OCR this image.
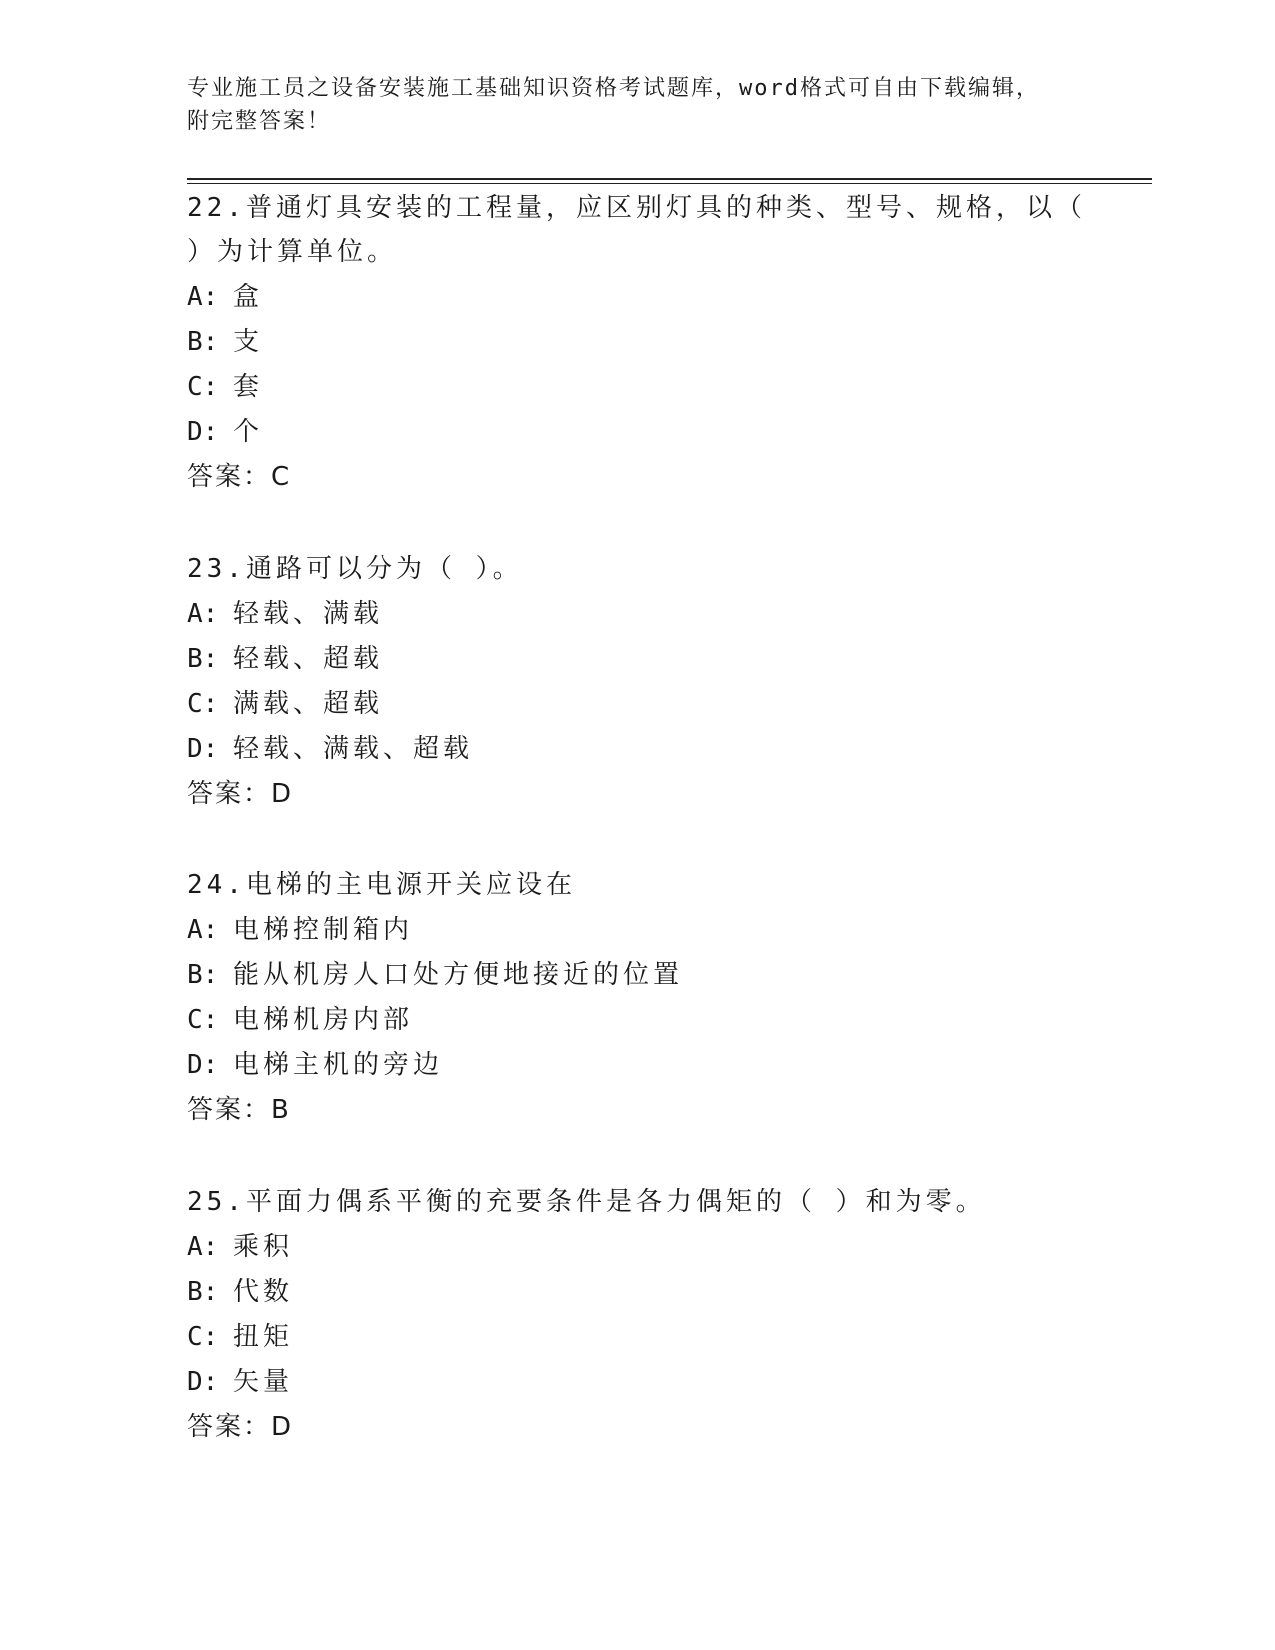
专业施工员之设备安装施工基础知识资格考试题库，word格式可自由下载编辑，
附完整答案！
22.普通灯具安装的工程量，应区别灯具的种类、型号、规格，以（
）为计算单位。
A: 盒
B: 支
C: 套
D: 个
答案：C
23.通路可以分为（ ）。
A: 轻载、满载
B: 轻载、超载
C: 满载、超载
D: 轻载、满载、超载
答案：D
24.电梯的主电源开关应设在
A: 电梯控制箱内
B: 能从机房人口处方便地接近的位置
C: 电梯机房内部
D: 电梯主机的旁边
答案：B
25.平面力偶系平衡的充要条件是各力偶矩的（ ）和为零。
A: 乘积
B: 代数
C: 扭矩
D: 矢量
答案：D
